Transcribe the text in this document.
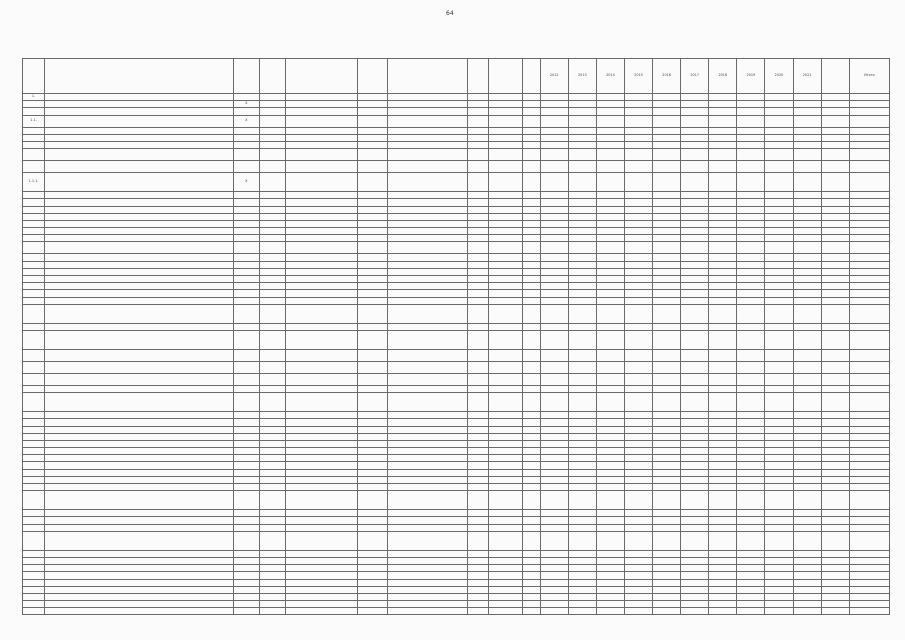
64
										2012	2013	2014	2015	2016	2017	2018	2019	2020	2021		Итого
1.																					
		X																			

1.1.		X																			

1.1.1.		X																			
